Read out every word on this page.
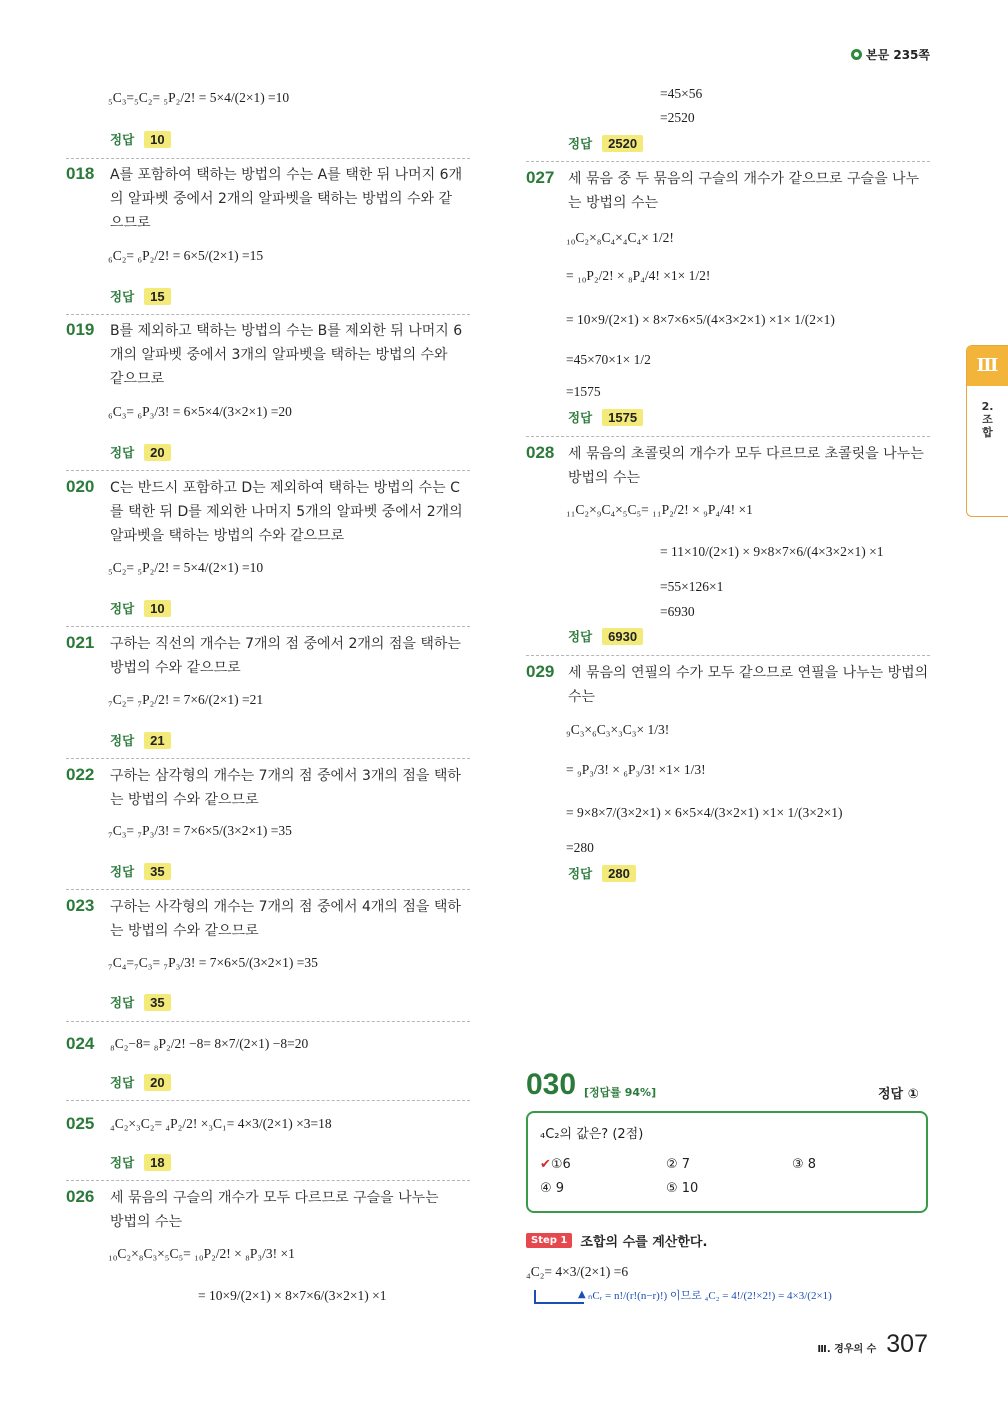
본문 235쪽
Ⅲ
2.
조
합
₅C₃=₅C₂= ₅P₂/2! = 5×4/(2×1) =10
정답	10
018 A를 포함하여 택하는 방법의 수는 A를 택한 뒤 나머지 6개의 알파벳 중에서 2개의 알파벳을 택하는 방법의 수와 같으므로
₆C₂= ₆P₂/2! = 6×5/(2×1) =15
정답	15
019 B를 제외하고 택하는 방법의 수는 B를 제외한 뒤 나머지 6개의 알파벳 중에서 3개의 알파벳을 택하는 방법의 수와 같으므로
₆C₃= ₆P₃/3! = 6×5×4/(3×2×1) =20
정답	20
020 C는 반드시 포함하고 D는 제외하여 택하는 방법의 수는 C를 택한 뒤 D를 제외한 나머지 5개의 알파벳 중에서 2개의 알파벳을 택하는 방법의 수와 같으므로
₅C₂= ₅P₂/2! = 5×4/(2×1) =10
정답	10
021 구하는 직선의 개수는 7개의 점 중에서 2개의 점을 택하는 방법의 수와 같으므로
₇C₂= ₇P₂/2! = 7×6/(2×1) =21
정답	21
022 구하는 삼각형의 개수는 7개의 점 중에서 3개의 점을 택하는 방법의 수와 같으므로
₇C₃= ₇P₃/3! = 7×6×5/(3×2×1) =35
정답	35
023 구하는 사각형의 개수는 7개의 점 중에서 4개의 점을 택하는 방법의 수와 같으므로
₇C₄=₇C₃= ₇P₃/3! = 7×6×5/(3×2×1) =35
정답	35
024 ₈C₂−8= ₈P₂/2! −8= 8×7/(2×1) −8=20
정답	20
025 ₄C₂×₃C₂= ₄P₂/2! ×₃C₁= 4×3/(2×1) ×3=18
정답	18
026 세 묶음의 구슬의 개수가 모두 다르므로 구슬을 나누는 방법의 수는
₁₀C₂×₈C₃×₅C₅= ₁₀P₂/2! × ₈P₃/3! ×1
= 10×9/(2×1) × 8×7×6/(3×2×1) ×1
=45×56
=2520
정답	2520
027 세 묶음 중 두 묶음의 구슬의 개수가 같으므로 구슬을 나누는 방법의 수는
₁₀C₂×₈C₄×₄C₄× 1/2!
= ₁₀P₂/2! × ₈P₄/4! ×1× 1/2!
= 10×9/(2×1) × 8×7×6×5/(4×3×2×1) ×1× 1/(2×1)
=45×70×1× 1/2
=1575
정답	1575
028 세 묶음의 초콜릿의 개수가 모두 다르므로 초콜릿을 나누는 방법의 수는
₁₁C₂×₉C₄×₅C₅= ₁₁P₂/2! × ₉P₄/4! ×1
= 11×10/(2×1) × 9×8×7×6/(4×3×2×1) ×1
=55×126×1
=6930
정답	6930
029 세 묶음의 연필의 수가 모두 같으므로 연필을 나누는 방법의 수는
₉C₃×₆C₃×₃C₃× 1/3!
= ₉P₃/3! × ₆P₃/3! ×1× 1/3!
= 9×8×7/(3×2×1) × 6×5×4/(3×2×1) ×1× 1/(3×2×1)
=280
정답	280
030 [정답률 94%]	정답 ①
₄C₂의 값은? (2점)
✔①6	② 7	③ 8
④ 9	⑤ 10
Step 1	조합의 수를 계산한다.
₄C₂= 4×3/(2×1) =6
▲ ₙCᵣ = n!/(r!(n−r)!) 이므로 ₄C₂ = 4!/(2!×2!) = 4×3/(2×1)
Ⅲ. 경우의 수 307
